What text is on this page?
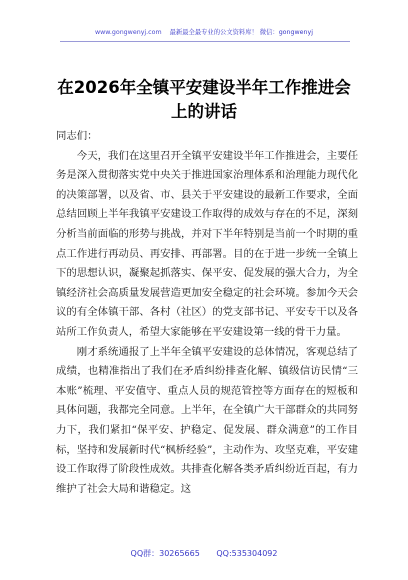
www.gongwenyj.com 最新最全最专业的公文资料库！ 微信：gongwenyj
在2026年全镇平安建设半年工作推进会上的讲话

同志们：

今天，我们在这里召开全镇平安建设半年工作推进会，主要任务是深入贯彻落实党中央关于推进国家治理体系和治理能力现代化的决策部署，以及省、市、县关于平安建设的最新工作要求，全面总结回顾上半年我镇平安建设工作取得的成效与存在的不足，深刻分析当前面临的形势与挑战，并对下半年特别是当前一个时期的重点工作进行再动员、再安排、再部署。目的在于进一步统一全镇上下的思想认识，凝聚起抓落实、保平安、促发展的强大合力，为全镇经济社会高质量发展营造更加安全稳定的社会环境。参加今天会议的有全体镇干部、各村（社区）的党支部书记、平安专干以及各站所工作负责人，希望大家能够在平安建设第一线的骨干力量。

刚才系统通报了上半年全镇平安建设的总体情况，客观总结了成绩，也精准指出了我们在矛盾纠纷排查化解、镇级信访民情“三本账”梳理、平安值守、重点人员的规范管控等方面存在的短板和具体问题，我都完全同意。上半年，在全镇广大干部群众的共同努力下，我们紧扣“保平安、护稳定、促发展、群众满意”的工作目标，坚持和发展新时代“枫桥经验”，主动作为、攻坚克难，平安建设工作取得了阶段性成效。共排查化解各类矛盾纠纷近百起，有力维护了社会大局和谐稳定。这

QQ群：30265665 QQ:535304092
